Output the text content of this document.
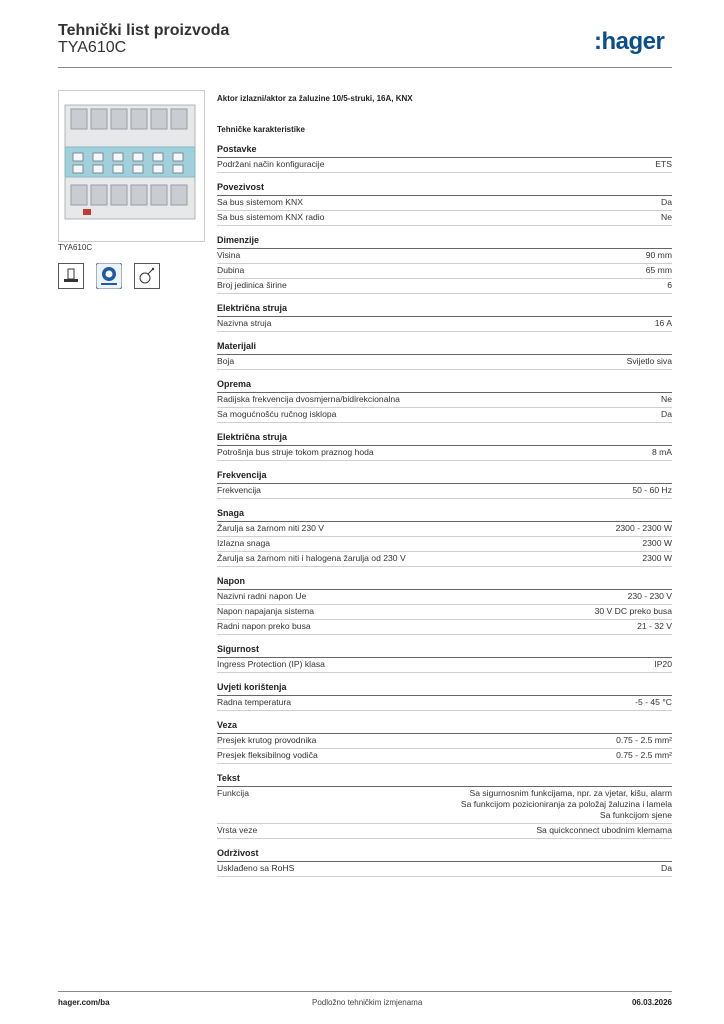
Tehnički list proizvoda
TYA610C	:hager
TYA610C
Aktor izlazni/aktor za žaluzine 10/5-struki, 16A, KNX
Tehničke karakteristike
Postavke
Podržani način konfiguracije	ETS
Povezivost
Sa bus sistemom KNX	Da
Sa bus sistemom KNX radio	Ne
Dimenzije
Visina	90 mm
Dubina	65 mm
Broj jedinica širine	6
Električna struja
Nazivna struja	16 A
Materijali
Boja	Svijetlo siva
Oprema
Radijska frekvencija dvosmjerna/bidirekcionalna	Ne
Sa mogućnošću ručnog isklopa	Da
Električna struja
Potrošnja bus struje tokom praznog hoda	8 mA
Frekvencija
Frekvencija	50 - 60 Hz
Snaga
Žarulja sa žarnom niti 230 V	2300 - 2300 W
Izlazna snaga	2300 W
Žarulja sa žarnom niti i halogena žarulja od 230 V	2300 W
Napon
Nazivni radni napon Ue	230 - 230 V
Napon napajanja sistema	30 V DC preko busa
Radni napon preko busa	21 - 32 V
Sigurnost
Ingress Protection (IP) klasa	IP20
Uvjeti korištenja
Radna temperatura	-5 - 45 °C
Veza
Presjek krutog provodnika	0.75 - 2.5 mm²
Presjek fleksibilnog vodiča	0.75 - 2.5 mm²
Tekst
Funkcija	Sa sigurnosnim funkcijama, npr. za vjetar, kišu, alarm
Sa funkcijom pozicioniranja za položaj žaluzina i lamela
Sa funkcijom sjene
Vrsta veze	Sa quickconnect ubodnim klemama
Održivost
Usklađeno sa RoHS	Da
hager.com/ba	Podložno tehničkim izmjenama	06.03.2026
